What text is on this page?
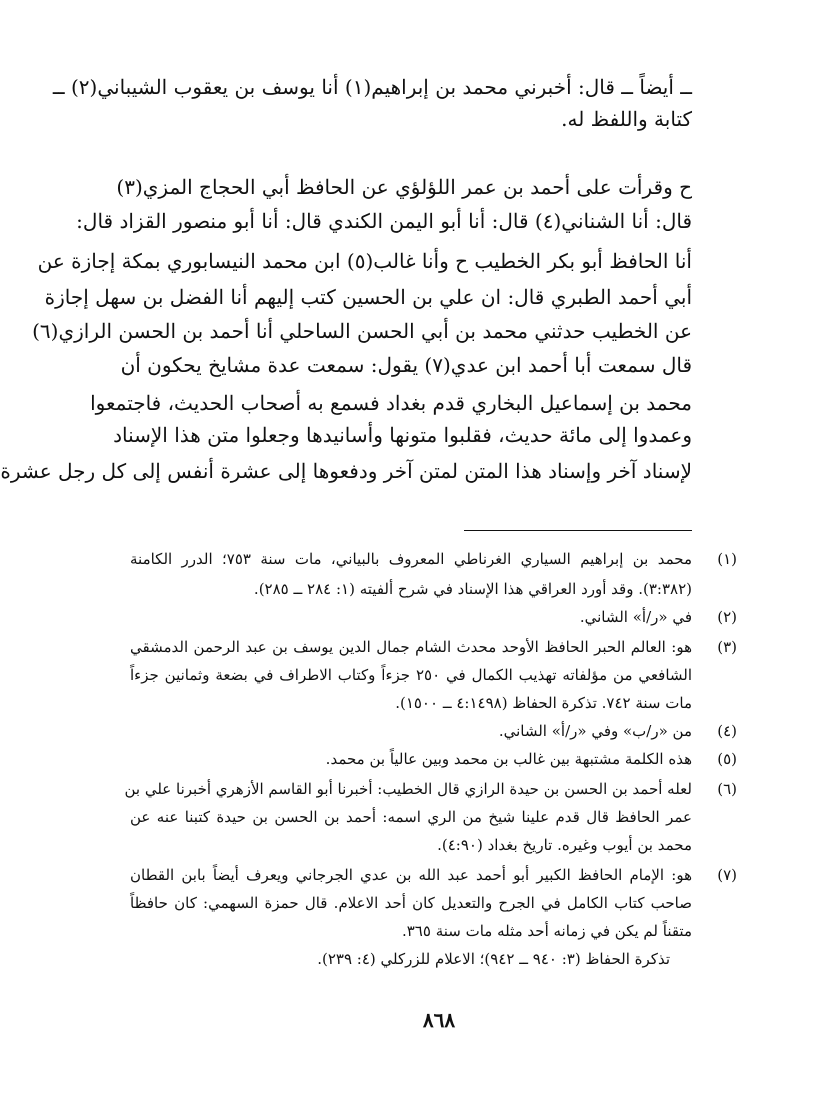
ــ أيضاً ــ قال: أخبرني محمد بن إبراهيم(١) أنا يوسف بن يعقوب الشيباني(٢) ــ
كتابة واللفظ له.
ح وقرأت على أحمد بن عمر اللؤلؤي عن الحافظ أبي الحجاج المزي(٣)
قال: أنا الشناني(٤) قال: أنا أبو اليمن الكندي قال: أنا أبو منصور القزاد قال:
أنا الحافظ أبو بكر الخطيب ح وأنا غالب(٥) ابن محمد النيسابوري بمكة إجازة عن
أبي أحمد الطبري قال: ان علي بن الحسين كتب إليهم أنا الفضل بن سهل إجازة
عن الخطيب حدثني محمد بن أبي الحسن الساحلي أنا أحمد بن الحسن الرازي(٦)
قال سمعت أبا أحمد ابن عدي(٧) يقول: سمعت عدة مشايخ يحكون أن
محمد بن إسماعيل البخاري قدم بغداد فسمع به أصحاب الحديث، فاجتمعوا
وعمدوا إلى مائة حديث، فقلبوا متونها وأسانيدها وجعلوا متن هذا الإسناد
لإسناد آخر وإسناد هذا المتن لمتن آخر ودفعوها إلى عشرة أنفس إلى كل رجل عشرة
(١)
محمد بن إبراهيم السياري الغرناطي المعروف بالبياني، مات سنة ٧٥٣؛ الدرر الكامنة
(٣:٣٨٢). وقد أورد العراقي هذا الإسناد في شرح ألفيته (١: ٢٨٤ ــ ٢٨٥).
(٢)
في «ر/أ» الشاني.
(٣)
هو: العالم الحبر الحافظ الأوحد محدث الشام جمال الدين يوسف بن عبد الرحمن الدمشقي
الشافعي من مؤلفاته تهذيب الكمال في ٢٥٠ جزءاً وكتاب الاطراف في بضعة وثمانين جزءاً
مات سنة ٧٤٢. تذكرة الحفاظ (٤:١٤٩٨ ــ ١٥٠٠).
(٤)
من «ر/ب» وفي «ر/أ» الشاني.
(٥)
هذه الكلمة مشتبهة بين غالب بن محمد وبين عالياً بن محمد.
(٦)
لعله أحمد بن الحسن بن حيدة الرازي قال الخطيب: أخبرنا أبو القاسم الأزهري أخبرنا علي بن
عمر الحافظ قال قدم علينا شيخ من الري اسمه: أحمد بن الحسن بن حيدة كتبنا عنه عن
محمد بن أيوب وغيره. تاريخ بغداد (٤:٩٠).
(٧)
هو: الإمام الحافظ الكبير أبو أحمد عبد الله بن عدي الجرجاني ويعرف أيضاً بابن القطان
صاحب كتاب الكامل في الجرح والتعديل كان أحد الاعلام. قال حمزة السهمي: كان حافظاً
متقناً لم يكن في زمانه أحد مثله مات سنة ٣٦٥.
تذكرة الحفاظ (٣: ٩٤٠ ــ ٩٤٢)؛ الاعلام للزركلي (٤: ٢٣٩).
٨٦٨
